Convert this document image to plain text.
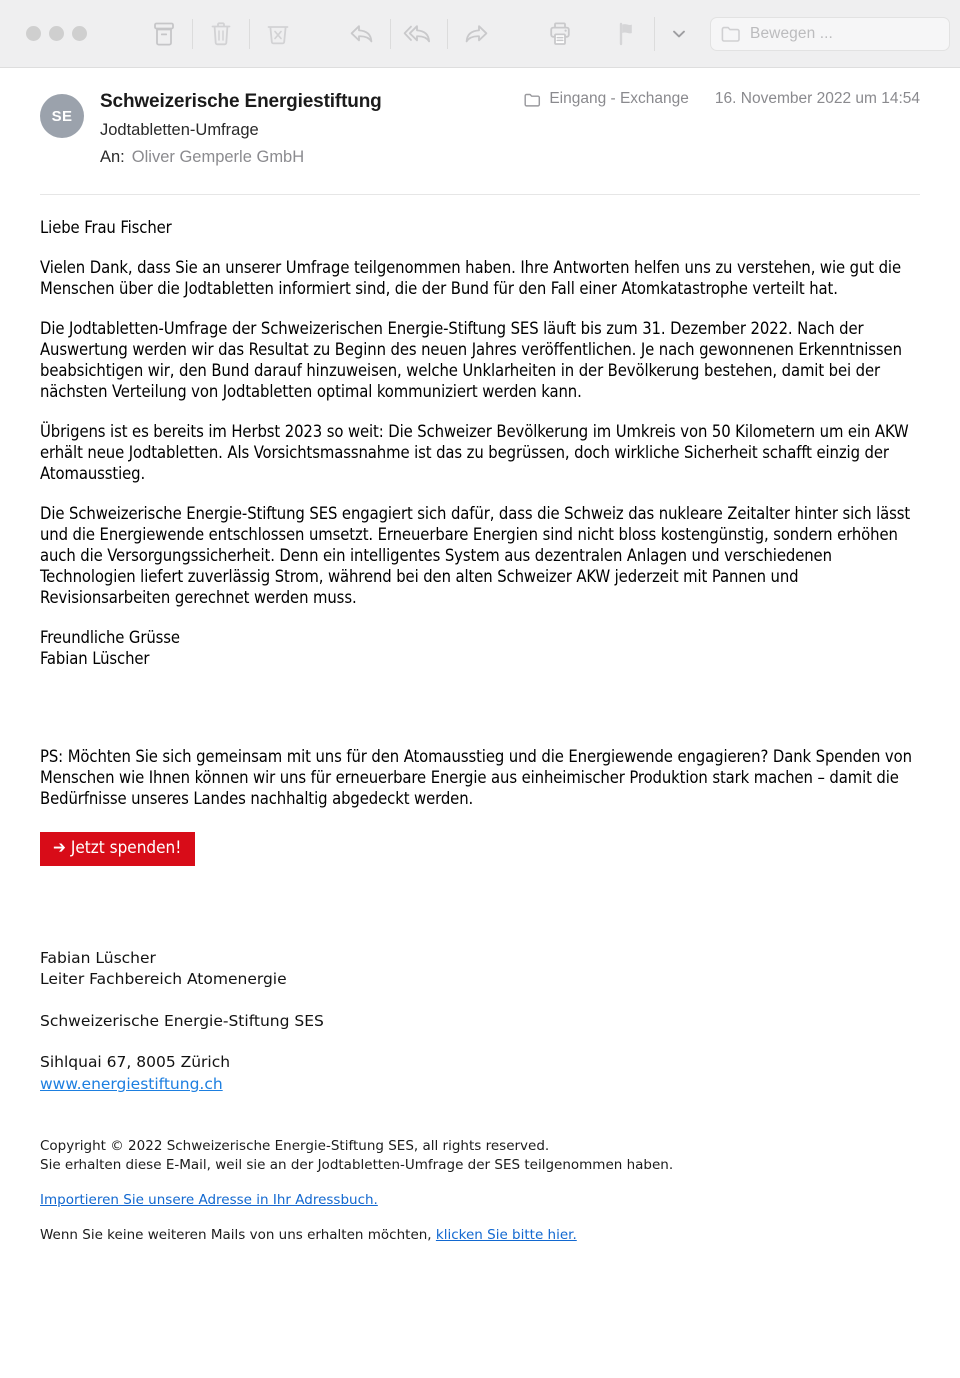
Bewegen ...
SE
Schweizerische Energiestiftung
Jodtabletten-Umfrage
An: Oliver Gemperle GmbH
Eingang - Exchange 16. November 2022 um 14:54

Liebe Frau Fischer

Vielen Dank, dass Sie an unserer Umfrage teilgenommen haben. Ihre Antworten helfen uns zu verstehen, wie gut die Menschen über die Jodtabletten informiert sind, die der Bund für den Fall einer Atomkatastrophe verteilt hat.

Die Jodtabletten-Umfrage der Schweizerischen Energie-Stiftung SES läuft bis zum 31. Dezember 2022. Nach der Auswertung werden wir das Resultat zu Beginn des neuen Jahres veröffentlichen. Je nach gewonnenen Erkenntnissen beabsichtigen wir, den Bund darauf hinzuweisen, welche Unklarheiten in der Bevölkerung bestehen, damit bei der nächsten Verteilung von Jodtabletten optimal kommuniziert werden kann.

Übrigens ist es bereits im Herbst 2023 so weit: Die Schweizer Bevölkerung im Umkreis von 50 Kilometern um ein AKW erhält neue Jodtabletten. Als Vorsichtsmassnahme ist das zu begrüssen, doch wirkliche Sicherheit schafft einzig der Atomausstieg.

Die Schweizerische Energie-Stiftung SES engagiert sich dafür, dass die Schweiz das nukleare Zeitalter hinter sich lässt und die Energiewende entschlossen umsetzt. Erneuerbare Energien sind nicht bloss kostengünstig, sondern erhöhen auch die Versorgungssicherheit. Denn ein intelligentes System aus dezentralen Anlagen und verschiedenen Technologien liefert zuverlässig Strom, während bei den alten Schweizer AKW jederzeit mit Pannen und Revisionsarbeiten gerechnet werden muss.

Freundliche Grüsse

Fabian Lüscher

PS: Möchten Sie sich gemeinsam mit uns für den Atomausstieg und die Energiewende engagieren? Dank Spenden von Menschen wie Ihnen können wir uns für erneuerbare Energie aus einheimischer Produktion stark machen – damit die Bedürfnisse unseres Landes nachhaltig abgedeckt werden.

➔ Jetzt spenden!

Fabian Lüscher
Leiter Fachbereich Atomenergie

Schweizerische Energie-Stiftung SES

Sihlquai 67, 8005 Zürich
www.energiestiftung.ch

Copyright © 2022 Schweizerische Energie-Stiftung SES, all rights reserved.
Sie erhalten diese E-Mail, weil sie an der Jodtabletten-Umfrage der SES teilgenommen haben.

Importieren Sie unsere Adresse in Ihr Adressbuch.

Wenn Sie keine weiteren Mails von uns erhalten möchten, klicken Sie bitte hier.
